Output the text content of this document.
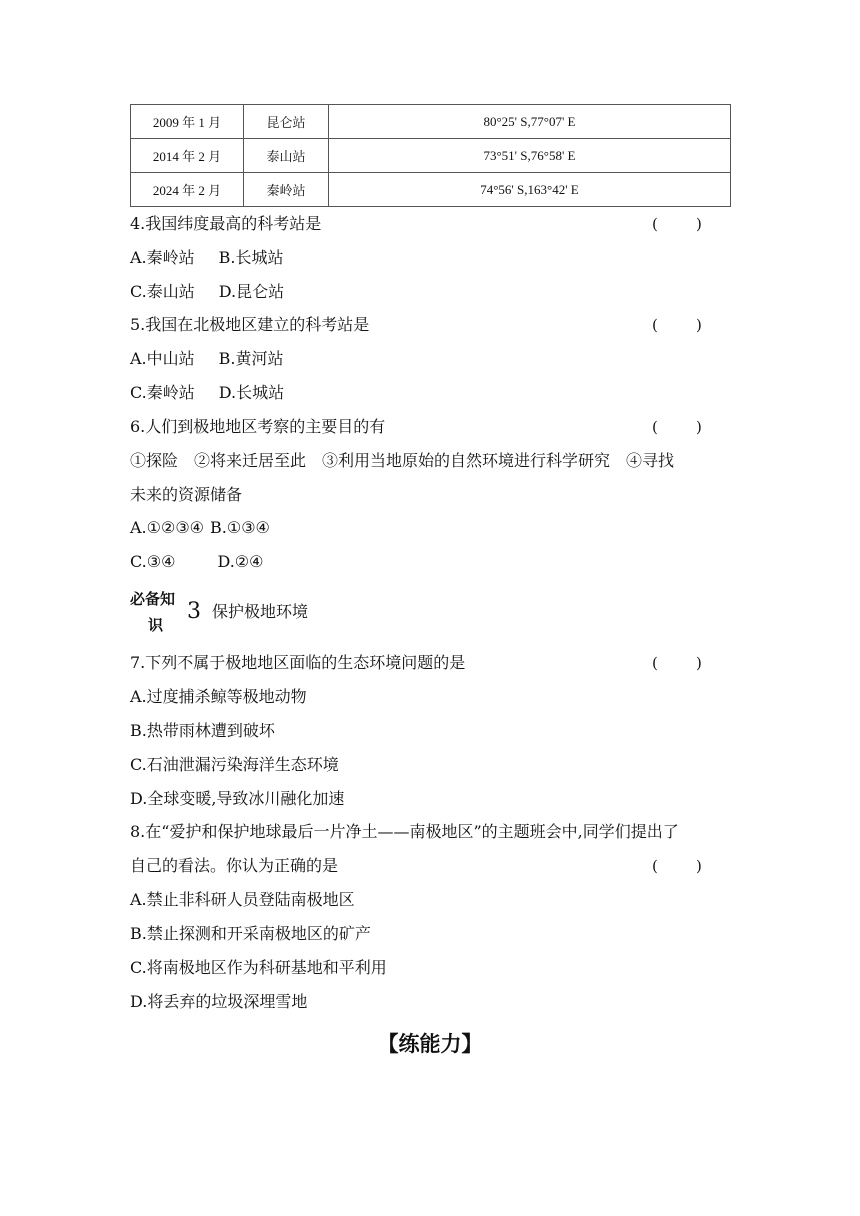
2009 年 1 月	昆仑站	80°25' S,77°07' E
2014 年 2 月	泰山站	73°51' S,76°58' E
2024 年 2 月	秦岭站	74°56' S,163°42' E
4.我国纬度最高的科考站是	(        )
A.秦岭站 B.长城站
C.泰山站 D.昆仑站
5.我国在北极地区建立的科考站是	(        )
A.中山站 B.黄河站
C.秦岭站 D.长城站
6.人们到极地地区考察的主要目的有	(        )
①探险　②将来迁居至此　③利用当地原始的自然环境进行科学研究　④寻找
未来的资源储备
A.①②③④ B.①③④
C.③④	D.②④
必备知
识
3 保护极地环境
7.下列不属于极地地区面临的生态环境问题的是	(        )
A.过度捕杀鲸等极地动物
B.热带雨林遭到破坏
C.石油泄漏污染海洋生态环境
D.全球变暖,导致冰川融化加速
8.在“爱护和保护地球最后一片净土——南极地区”的主题班会中,同学们提出了
自己的看法。你认为正确的是	(        )
A.禁止非科研人员登陆南极地区
B.禁止探测和开采南极地区的矿产
C.将南极地区作为科研基地和平利用
D.将丢弃的垃圾深埋雪地
【练能力】
